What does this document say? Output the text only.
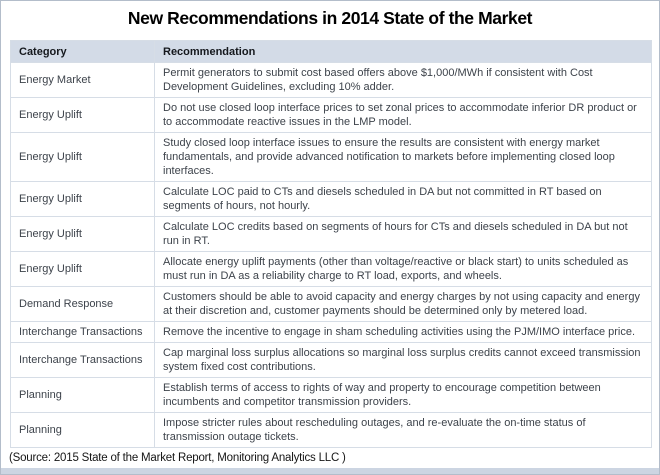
New Recommendations in 2014 State of the Market
Category	Recommendation
Energy Market	Permit generators to submit cost based offers above $1,000/MWh if consistent with Cost Development Guidelines, excluding 10% adder.
Energy Uplift	Do not use closed loop interface prices to set zonal prices to accommodate inferior DR product or to accommodate reactive issues in the LMP model.
Energy Uplift	Study closed loop interface issues to ensure the results are consistent with energy market fundamentals, and provide advanced notification to markets before implementing closed loop interfaces.
Energy Uplift	Calculate LOC paid to CTs and diesels scheduled in DA but not committed in RT based on segments of hours, not hourly.
Energy Uplift	Calculate LOC credits based on segments of hours for CTs and diesels scheduled in DA but not run in RT.
Energy Uplift	Allocate energy uplift payments (other than voltage/reactive or black start) to units scheduled as must run in DA as a reliability charge to RT load, exports, and wheels.
Demand Response	Customers should be able to avoid capacity and energy charges by not using capacity and energy at their discretion and, customer payments should be determined only by metered load.
Interchange Transactions	Remove the incentive to engage in sham scheduling activities using the PJM/IMO interface price.
Interchange Transactions	Cap marginal loss surplus allocations so marginal loss surplus credits cannot exceed transmission system fixed cost contributions.
Planning	Establish terms of access to rights of way and property to encourage competition between incumbents and competitor transmission providers.
Planning	Impose stricter rules about rescheduling outages, and re-evaluate the on-time status of transmission outage tickets.
(Source: 2015 State of the Market Report, Monitoring Analytics LLC )
